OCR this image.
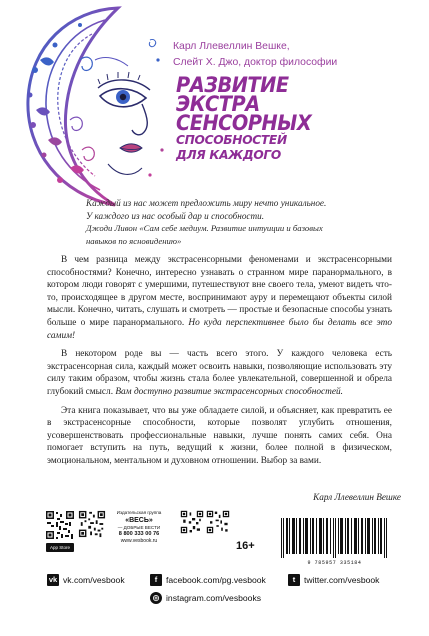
Карл Ллевеллин Вешке,
Слейт Х. Джо, доктор философии
РАЗВИТИЕ
ЭКСТРА
СЕНСОРНЫХ
СПОСОБНОСТЕЙ
ДЛЯ КАЖДОГО
Каждый из нас может предложить миру нечто уникальное.
У каждого из нас особый дар и способности.
Джоди Ливон «Сам себе медиум. Развитие интуиции и базовых
навыков по ясновидению»

В чем разница между экстрасенсорными феноменами и экстрасенсорными способностями? Конечно, интересно узнавать о странном мире паранормального, в котором люди говорят с умершими, путешествуют вне своего тела, умеют видеть что-то, происходящее в другом месте, воспринимают ауру и перемещают объекты силой мысли. Конечно, читать, слушать и смотреть — простые и безопасные способы узнать больше о мире паранормального. Но куда перспективнее было бы делать все это самим!

В некотором роде вы — часть всего этого. У каждого человека есть экстрасенсорная сила, каждый может освоить навыки, позволяющие использовать эту силу таким образом, чтобы жизнь стала более увлекательной, совершенной и обрела глубокий смысл. Вам доступно развитие экстрасенсорных способностей.

Эта книга показывает, что вы уже обладаете силой, и объясняет, как превратить ее в экстрасенсорные способности, которые позволят углубить отношения, усовершенствовать профессиональные навыки, лучше понять самих себя. Она помогает вступить на путь, ведущий к жизни, более полной в физическом, эмоциональном, ментальном и духовном отношении. Выбор за вами.

Карл Ллевеллин Вешке
App Store
Издательская группа
«ВЕСЬ»
— ДОБРЫЕ ВЕСТИ
8 800 333 00 76
www.vesbook.ru	16+
9 785957 335184
vk vk.com/vesbook	f	facebook.com/pg.vesbook	t	twitter.com/vesbook
◎ instagram.com/vesbooks
